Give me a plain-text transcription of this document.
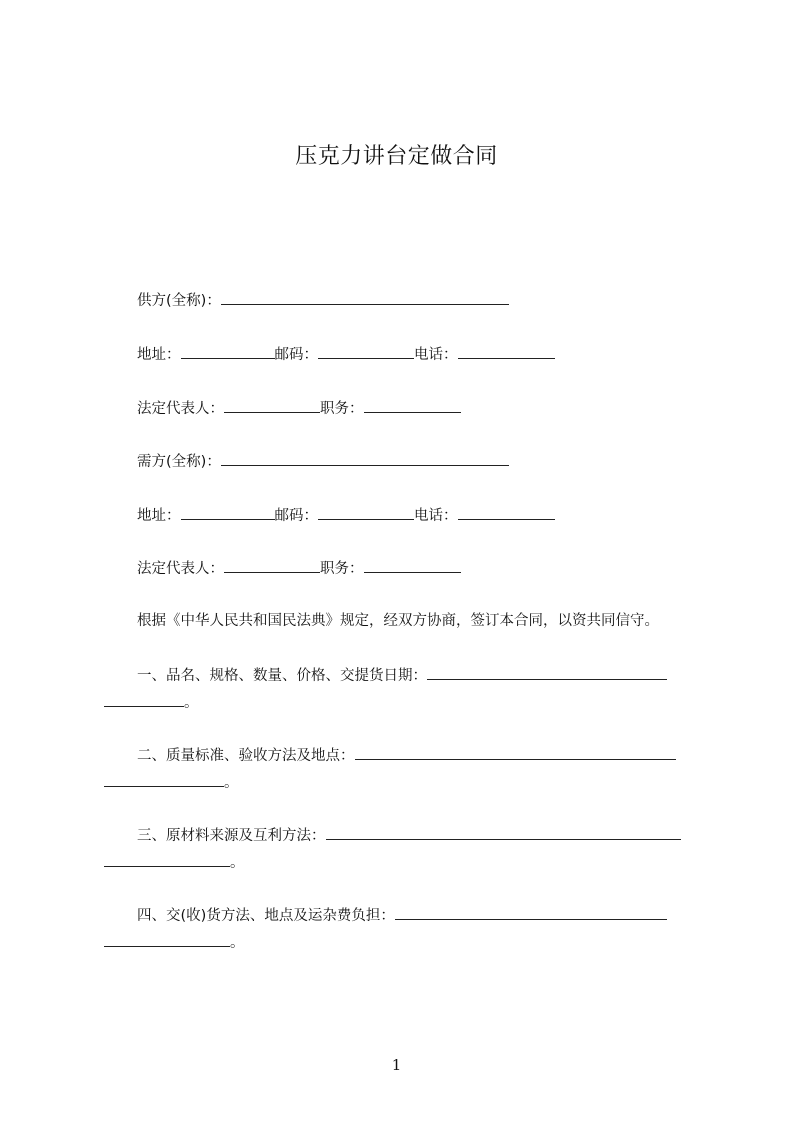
压克力讲台定做合同
供方(全称)：
地址：	邮码：	电话：
法定代表人：	职务：
需方(全称)：
地址：	邮码：	电话：
法定代表人：	职务：
根据《中华人民共和国民法典》规定，经双方协商，签订本合同，以资共同信守。
一、品名、规格、数量、价格、交提货日期：
。
二、质量标准、验收方法及地点：
。
三、原材料来源及互利方法：
。
四、交(收)货方法、地点及运杂费负担：
。
1
